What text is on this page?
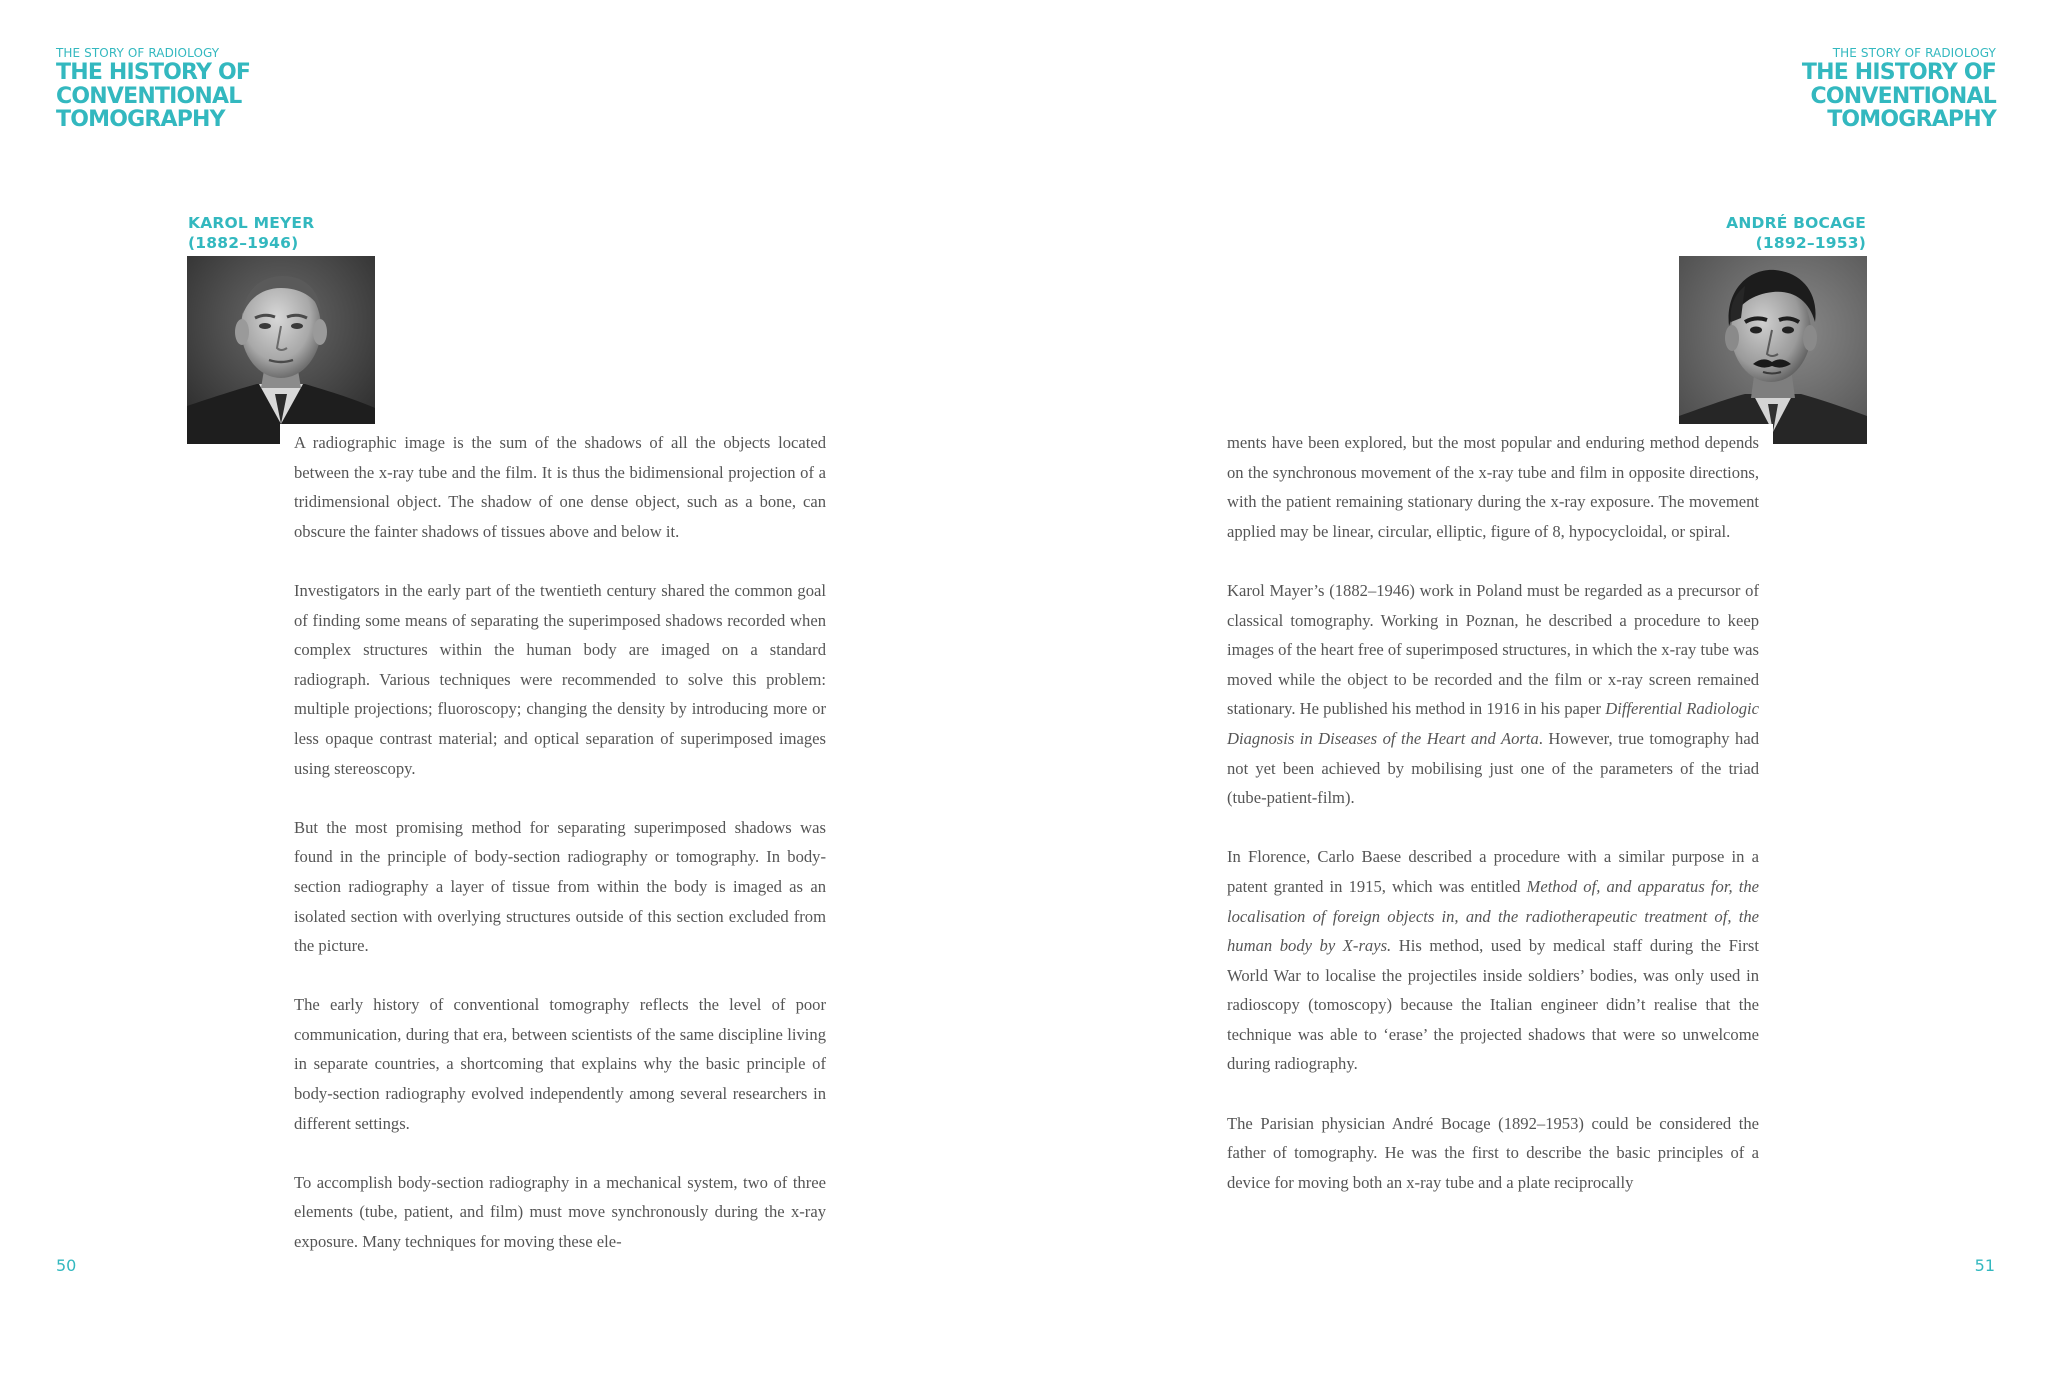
THE STORY OF RADIOLOGY
THE HISTORY OF
CONVENTIONAL
TOMOGRAPHY
THE STORY OF RADIOLOGY
THE HISTORY OF
CONVENTIONAL
TOMOGRAPHY
KAROL MEYER
(1882–1946)
ANDRÉ BOCAGE
(1892–1953)

A radiographic image is the sum of the shadows of all the objects located between the x-ray tube and the film. It is thus the bidimensional projection of a tridimensional object. The shadow of one dense object, such as a bone, can obscure the fainter shadows of tissues above and below it.

Investigators in the early part of the twentieth century shared the common goal of finding some means of separating the superimposed shadows recorded when complex structures within the human body are imaged on a standard radiograph. Various techniques were recommended to solve this problem: multiple projections; fluoroscopy; changing the density by introducing more or less opaque contrast material; and optical separation of superimposed images using stereoscopy.

But the most promising method for separating superimposed shadows was found in the principle of body-section radiography or tomography. In body-section radiography a layer of tissue from within the body is imaged as an isolated section with overlying structures outside of this section excluded from the picture.

The early history of conventional tomography reflects the level of poor communication, during that era, between scientists of the same discipline living in separate countries, a shortcoming that explains why the basic principle of body-section radiography evolved independently among several researchers in different settings.

To accomplish body-section radiography in a mechanical system, two of three elements (tube, patient, and film) must move synchronously during the x-ray exposure. Many techniques for moving these ele-

ments have been explored, but the most popular and enduring method depends on the synchronous movement of the x-ray tube and film in opposite directions, with the patient remaining stationary during the x-ray exposure. The movement applied may be linear, circular, elliptic, figure of 8, hypocycloidal, or spiral.

Karol Mayer’s (1882–1946) work in Poland must be regarded as a precursor of classical tomography. Working in Poznan, he described a procedure to keep images of the heart free of superimposed structures, in which the x-ray tube was moved while the object to be recorded and the film or x-ray screen remained stationary. He published his method in 1916 in his paper Differential Radiologic Diagnosis in Diseases of the Heart and Aorta. However, true tomography had not yet been achieved by mobilising just one of the parameters of the triad (tube-patient-film).

In Florence, Carlo Baese described a procedure with a similar purpose in a patent granted in 1915, which was entitled Method of, and apparatus for, the localisation of foreign objects in, and the radiotherapeutic treatment of, the human body by X-rays. His method, used by medical staff during the First World War to localise the projectiles inside soldiers’ bodies, was only used in radioscopy (tomoscopy) because the Italian engineer didn’t realise that the technique was able to ‘erase’ the projected shadows that were so unwelcome during radiography.

The Parisian physician André Bocage (1892–1953) could be considered the father of tomography. He was the first to describe the basic principles of a device for moving both an x-ray tube and a plate reciprocally

50	51
